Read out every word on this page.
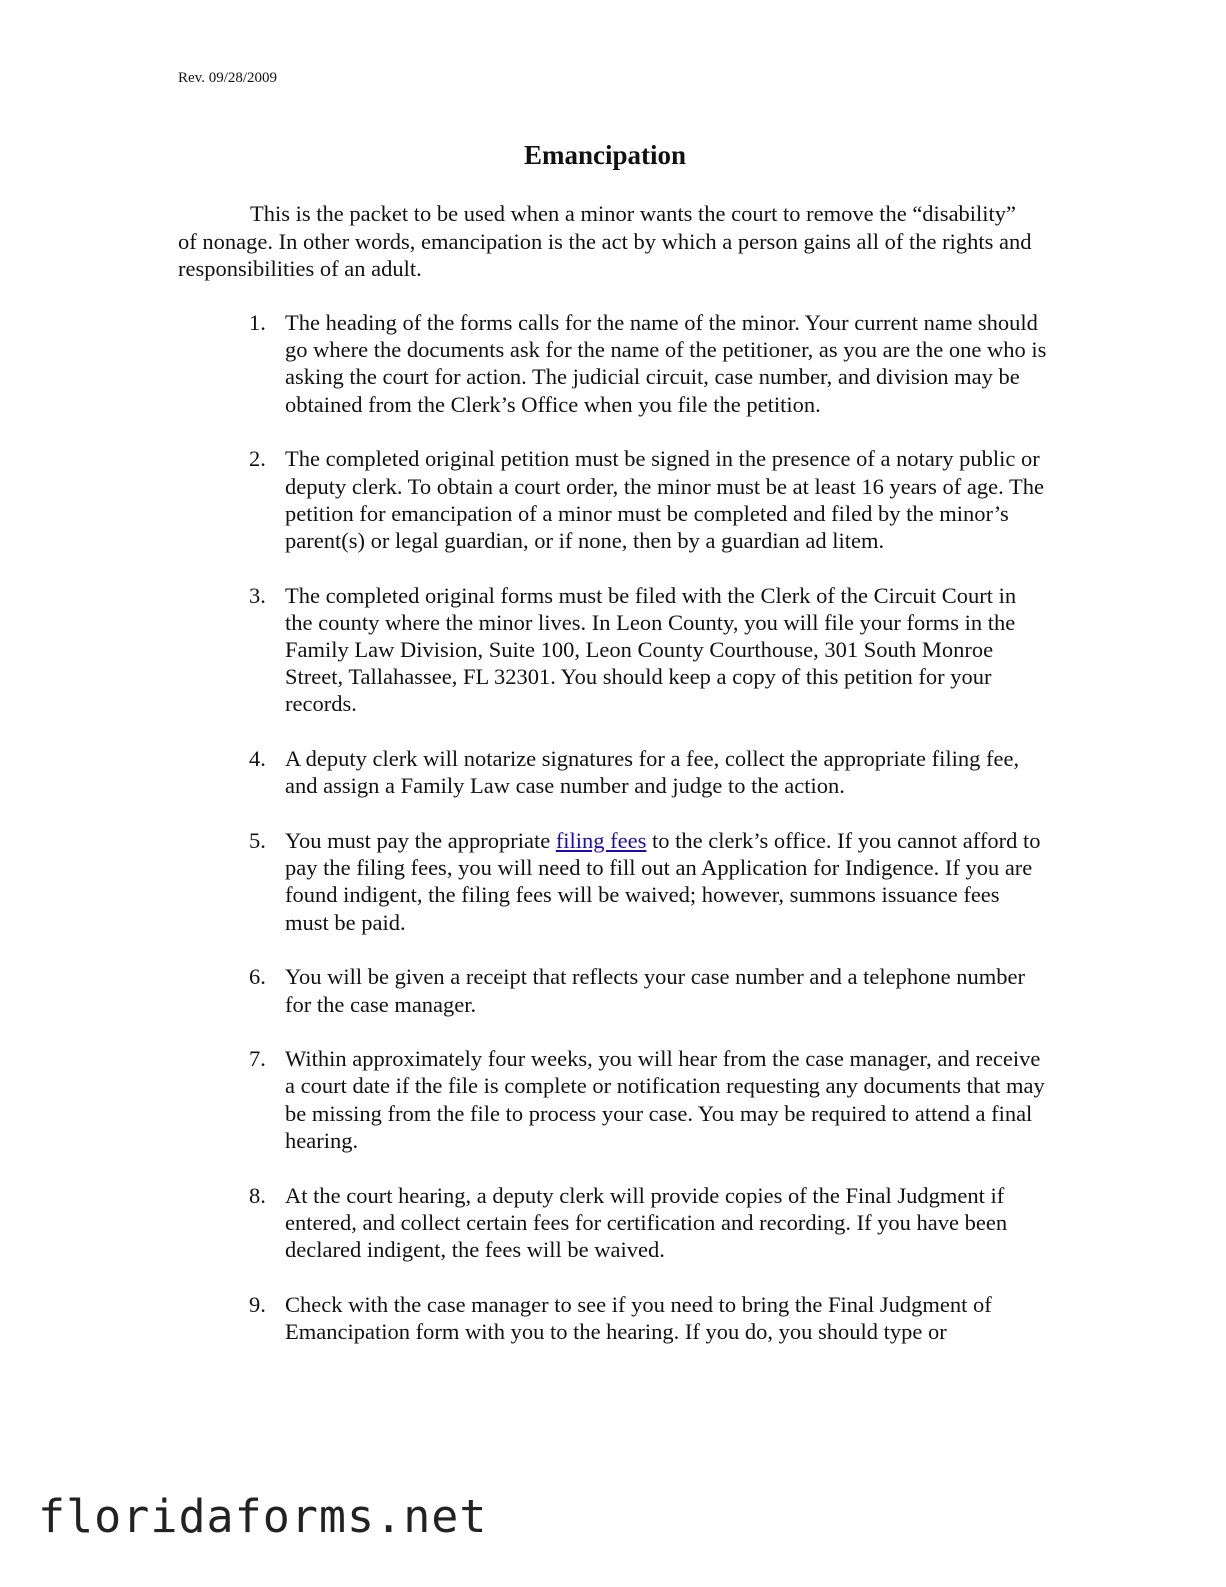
Rev. 09/28/2009
Emancipation

This is the packet to be used when a minor wants the court to remove the “disability” of nonage. In other words, emancipation is the act by which a person gains all of the rights and responsibilities of an adult.

1. The heading of the forms calls for the name of the minor. Your current name should go where the documents ask for the name of the petitioner, as you are the one who is asking the court for action. The judicial circuit, case number, and division may be obtained from the Clerk’s Office when you file the petition.
2. The completed original petition must be signed in the presence of a notary public or deputy clerk. To obtain a court order, the minor must be at least 16 years of age. The petition for emancipation of a minor must be completed and filed by the minor’s parent(s) or legal guardian, or if none, then by a guardian ad litem.
3. The completed original forms must be filed with the Clerk of the Circuit Court in the county where the minor lives. In Leon County, you will file your forms in the Family Law Division, Suite 100, Leon County Courthouse, 301 South Monroe Street, Tallahassee, FL 32301. You should keep a copy of this petition for your records.
4. A deputy clerk will notarize signatures for a fee, collect the appropriate filing fee, and assign a Family Law case number and judge to the action.
5. You must pay the appropriate filing fees to the clerk’s office. If you cannot afford to pay the filing fees, you will need to fill out an Application for Indigence. If you are found indigent, the filing fees will be waived; however, summons issuance fees must be paid.
6. You will be given a receipt that reflects your case number and a telephone number for the case manager.
7. Within approximately four weeks, you will hear from the case manager, and receive a court date if the file is complete or notification requesting any documents that may be missing from the file to process your case. You may be required to attend a final hearing.
8. At the court hearing, a deputy clerk will provide copies of the Final Judgment if entered, and collect certain fees for certification and recording. If you have been declared indigent, the fees will be waived.
9. Check with the case manager to see if you need to bring the Final Judgment of Emancipation form with you to the hearing. If you do, you should type or
floridaforms.net
